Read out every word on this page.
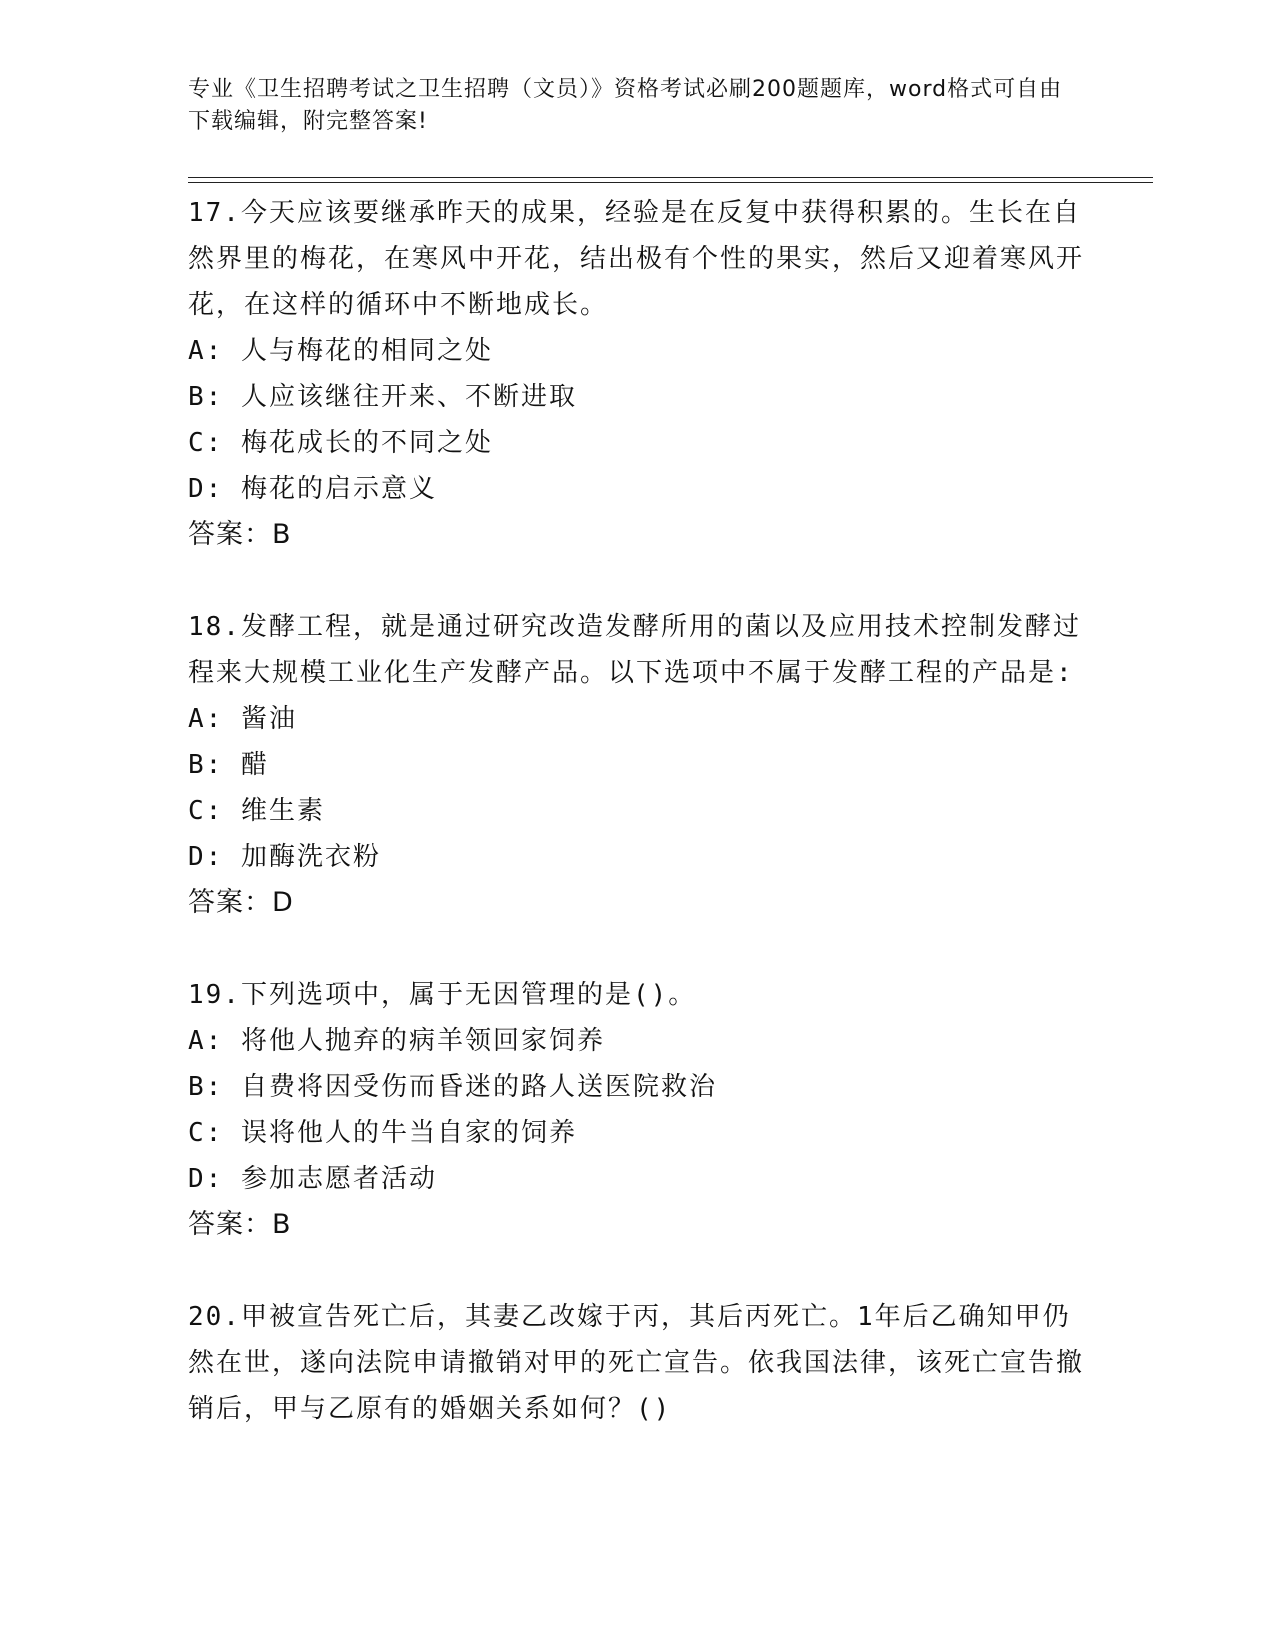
专业《卫生招聘考试之卫生招聘（文员）》资格考试必刷200题题库，word格式可自由下载编辑，附完整答案!

17.今天应该要继承昨天的成果，经验是在反复中获得积累的。生长在自然界里的梅花，在寒风中开花，结出极有个性的果实，然后又迎着寒风开花，在这样的循环中不断地成长。

A: 人与梅花的相同之处

B: 人应该继往开来、不断进取

C: 梅花成长的不同之处

D: 梅花的启示意义

答案：B

18.发酵工程，就是通过研究改造发酵所用的菌以及应用技术控制发酵过程来大规模工业化生产发酵产品。以下选项中不属于发酵工程的产品是:

A: 酱油

B: 醋

C: 维生素

D: 加酶洗衣粉

答案：D

19.下列选项中，属于无因管理的是()。

A: 将他人抛弃的病羊领回家饲养

B: 自费将因受伤而昏迷的路人送医院救治

C: 误将他人的牛当自家的饲养

D: 参加志愿者活动

答案：B

20.甲被宣告死亡后，其妻乙改嫁于丙，其后丙死亡。1年后乙确知甲仍然在世，遂向法院申请撤销对甲的死亡宣告。依我国法律，该死亡宣告撤销后，甲与乙原有的婚姻关系如何？()
